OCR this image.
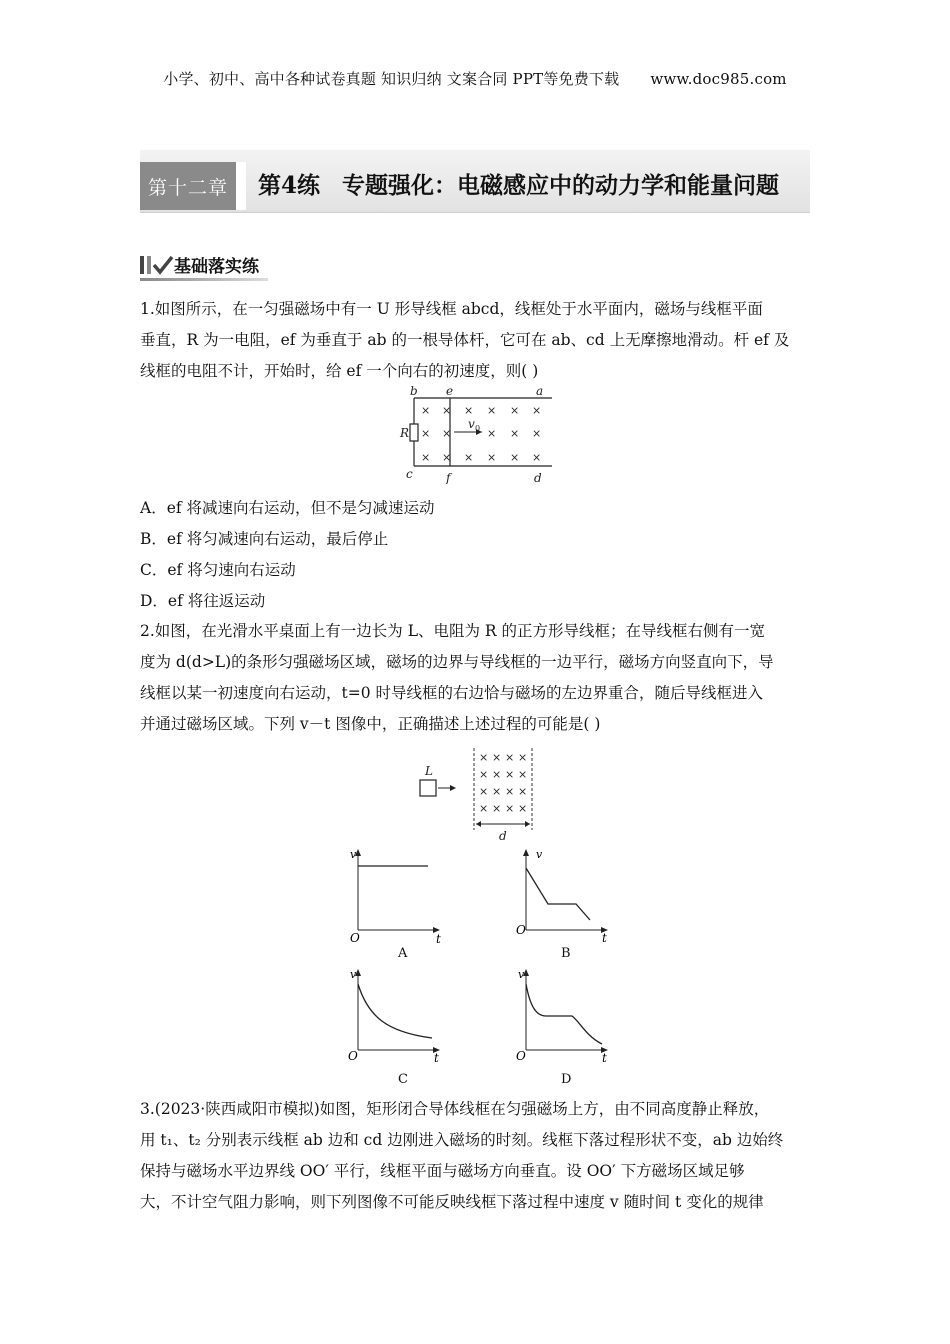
小学、初中、高中各种试卷真题 知识归纳 文案合同 PPT等免费下载 www.doc985.com
第十二章	第4练 专题强化：电磁感应中的动力学和能量问题
基础落实练
1.如图所示，在一匀强磁场中有一 U 形导线框 abcd，线框处于水平面内，磁场与线框平面
垂直，R 为一电阻，ef 为垂直于 ab 的一根导体杆，它可在 ab、cd 上无摩擦地滑动。杆 ef 及
线框的电阻不计，开始时，给 ef 一个向右的初速度，则( )
× × × × × ×
× ×	× × ×
× × × × × ×
b e	a
R
v 0
c	f	d
A．ef 将减速向右运动，但不是匀减速运动
B．ef 将匀减速向右运动，最后停止
C．ef 将匀速向右运动
D．ef 将往返运动
2.如图，在光滑水平桌面上有一边长为 L、电阻为 R 的正方形导线框；在导线框右侧有一宽
度为 d(d>L)的条形匀强磁场区域，磁场的边界与导线框的一边平行，磁场方向竖直向下，导
线框以某一初速度向右运动，t=0 时导线框的右边恰与磁场的左边界重合，随后导线框进入
并通过磁场区域。下列 v－t 图像中，正确描述上述过程的可能是( )
× × × ×
× × × ×
× × × ×
× × × ×
L
d
v
O	t
A
v
O
t
B
v
O	t
C
v
O	t
D
3.(2023·陕西咸阳市模拟)如图，矩形闭合导体线框在匀强磁场上方，由不同高度静止释放，
用 t₁、t₂ 分别表示线框 ab 边和 cd 边刚进入磁场的时刻。线框下落过程形状不变，ab 边始终
保持与磁场水平边界线 OO′ 平行，线框平面与磁场方向垂直。设 OO′ 下方磁场区域足够
大，不计空气阻力影响，则下列图像不可能反映线框下落过程中速度 v 随时间 t 变化的规律
